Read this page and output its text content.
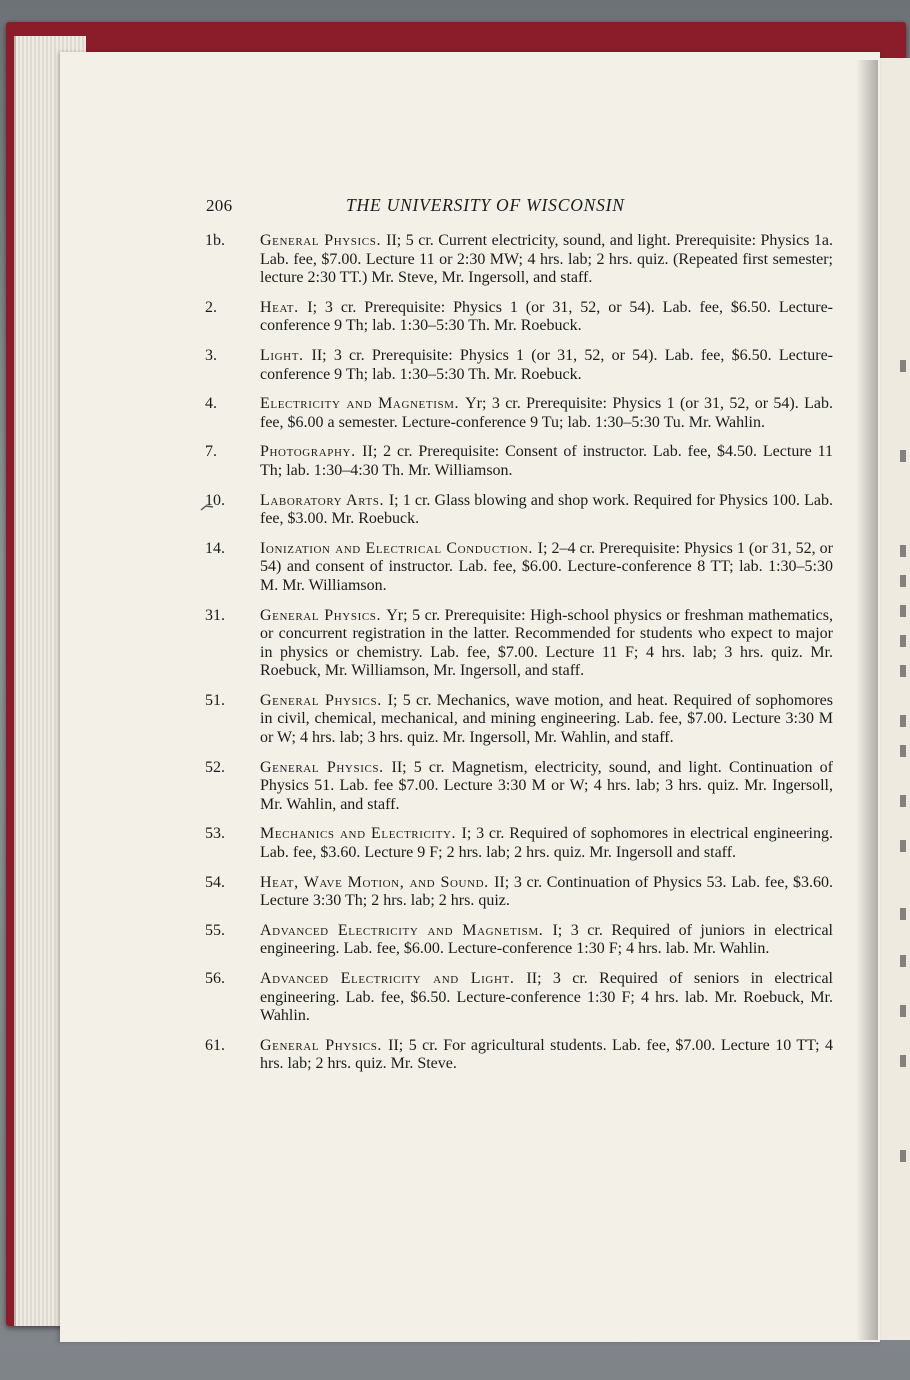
206	THE UNIVERSITY OF WISCONSIN
1b.	General Physics. II; 5 cr. Current electricity, sound, and light. Prerequisite: Physics 1a. Lab. fee, $7.00. Lecture 11 or 2:30 MW; 4 hrs. lab; 2 hrs. quiz. (Repeated first semester; lecture 2:30 TT.) Mr. Steve, Mr. Ingersoll, and staff.
2.	Heat. I; 3 cr. Prerequisite: Physics 1 (or 31, 52, or 54). Lab. fee, $6.50. Lecture-conference 9 Th; lab. 1:30–5:30 Th. Mr. Roebuck.
3.	Light. II; 3 cr. Prerequisite: Physics 1 (or 31, 52, or 54). Lab. fee, $6.50. Lecture-conference 9 Th; lab. 1:30–5:30 Th. Mr. Roebuck.
4.	Electricity and Magnetism. Yr; 3 cr. Prerequisite: Physics 1 (or 31, 52, or 54). Lab. fee, $6.00 a semester. Lecture-conference 9 Tu; lab. 1:30–5:30 Tu. Mr. Wahlin.
7.	Photography. II; 2 cr. Prerequisite: Consent of instructor. Lab. fee, $4.50. Lecture 11 Th; lab. 1:30–4:30 Th. Mr. Williamson.
10.	Laboratory Arts. I; 1 cr. Glass blowing and shop work. Required for Physics 100. Lab. fee, $3.00. Mr. Roebuck.
14.	Ionization and Electrical Conduction. I; 2–4 cr. Prerequisite: Physics 1 (or 31, 52, or 54) and consent of instructor. Lab. fee, $6.00. Lecture-conference 8 TT; lab. 1:30–5:30 M. Mr. Williamson.
31.	General Physics. Yr; 5 cr. Prerequisite: High-school physics or freshman mathematics, or concurrent registration in the latter. Recommended for students who expect to major in physics or chemistry. Lab. fee, $7.00. Lecture 11 F; 4 hrs. lab; 3 hrs. quiz. Mr. Roebuck, Mr. Williamson, Mr. Ingersoll, and staff.
51.	General Physics. I; 5 cr. Mechanics, wave motion, and heat. Required of sophomores in civil, chemical, mechanical, and mining engineering. Lab. fee, $7.00. Lecture 3:30 M or W; 4 hrs. lab; 3 hrs. quiz. Mr. Ingersoll, Mr. Wahlin, and staff.
52.	General Physics. II; 5 cr. Magnetism, electricity, sound, and light. Continuation of Physics 51. Lab. fee $7.00. Lecture 3:30 M or W; 4 hrs. lab; 3 hrs. quiz. Mr. Ingersoll, Mr. Wahlin, and staff.
53.	Mechanics and Electricity. I; 3 cr. Required of sophomores in electrical engineering. Lab. fee, $3.60. Lecture 9 F; 2 hrs. lab; 2 hrs. quiz. Mr. Ingersoll and staff.
54.	Heat, Wave Motion, and Sound. II; 3 cr. Continuation of Physics 53. Lab. fee, $3.60. Lecture 3:30 Th; 2 hrs. lab; 2 hrs. quiz.
55.	Advanced Electricity and Magnetism. I; 3 cr. Required of juniors in electrical engineering. Lab. fee, $6.00. Lecture-conference 1:30 F; 4 hrs. lab. Mr. Wahlin.
56.	Advanced Electricity and Light. II; 3 cr. Required of seniors in electrical engineering. Lab. fee, $6.50. Lecture-conference 1:30 F; 4 hrs. lab. Mr. Roebuck, Mr. Wahlin.
61.	General Physics. II; 5 cr. For agricultural students. Lab. fee, $7.00. Lecture 10 TT; 4 hrs. lab; 2 hrs. quiz. Mr. Steve.
